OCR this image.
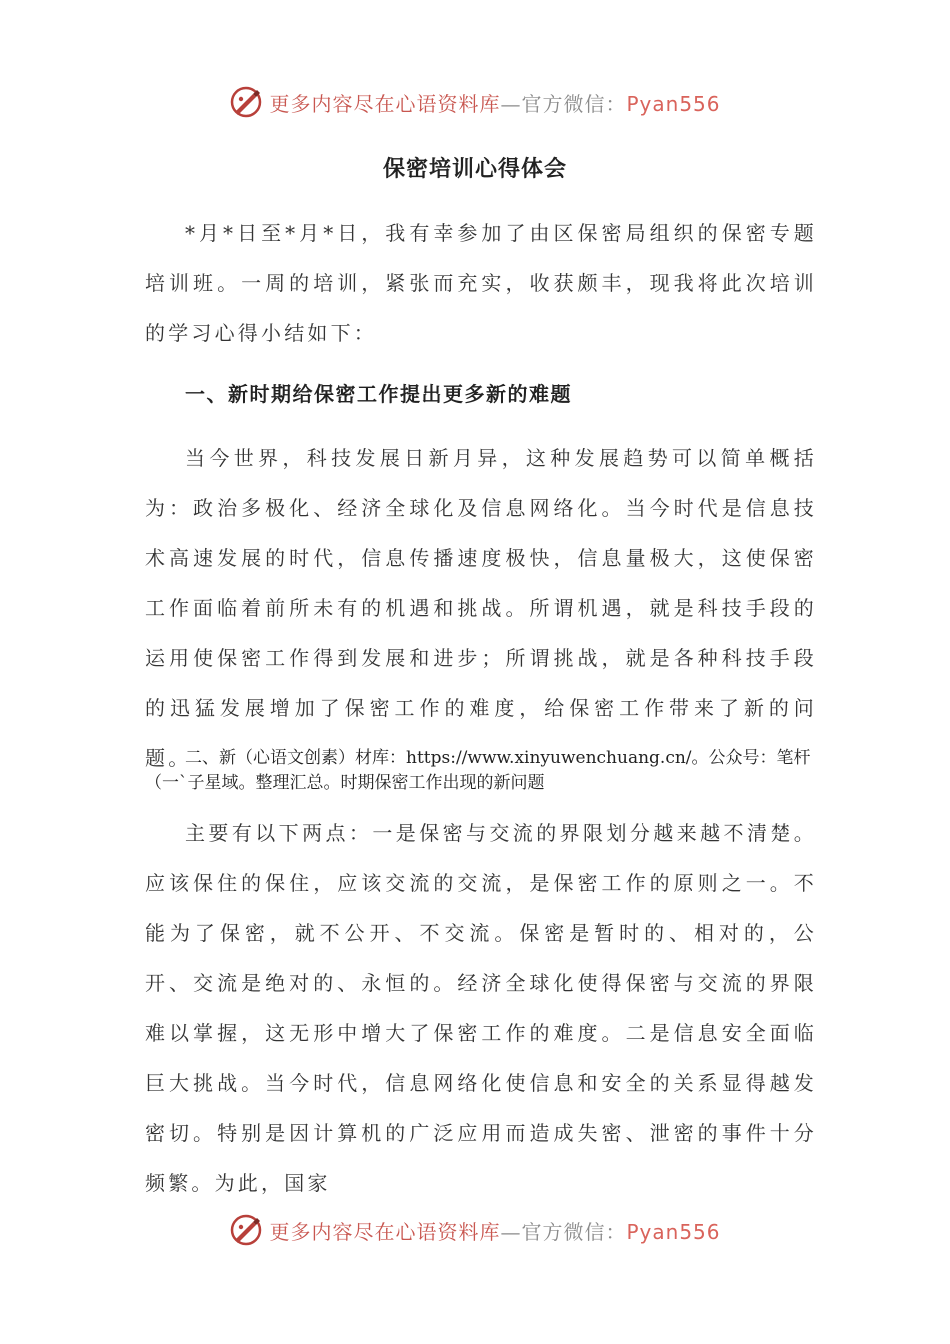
更多内容尽在心语资料库—官方微信：Pyan556
保密培训心得体会

*月*日至*月*日，我有幸参加了由区保密局组织的保密专题培训班。一周的培训，紧张而充实，收获颇丰，现我将此次培训的学习心得小结如下：

一、新时期给保密工作提出更多新的难题

当今世界，科技发展日新月异，这种发展趋势可以简单概括为：政治多极化、经济全球化及信息网络化。当今时代是信息技术高速发展的时代，信息传播速度极快，信息量极大，这使保密工作面临着前所未有的机遇和挑战。所谓机遇，就是科技手段的运用使保密工作得到发展和进步；所谓挑战，就是各种科技手段的迅猛发展增加了保密工作的难度，给保密工作带来了新的问题。

二、新（心语文创素）材库：https://www.xinyuwenchuang.cn/。公众号：笔杆（一`子星域。整理汇总。时期保密工作出现的新问题

主要有以下两点：一是保密与交流的界限划分越来越不清楚。应该保住的保住，应该交流的交流，是保密工作的原则之一。不能为了保密，就不公开、不交流。保密是暂时的、相对的，公开、交流是绝对的、永恒的。经济全球化使得保密与交流的界限难以掌握，这无形中增大了保密工作的难度。二是信息安全面临巨大挑战。当今时代，信息网络化使信息和安全的关系显得越发密切。特别是因计算机的广泛应用而造成失密、泄密的事件十分频繁。为此，国家

更多内容尽在心语资料库—官方微信：Pyan556
